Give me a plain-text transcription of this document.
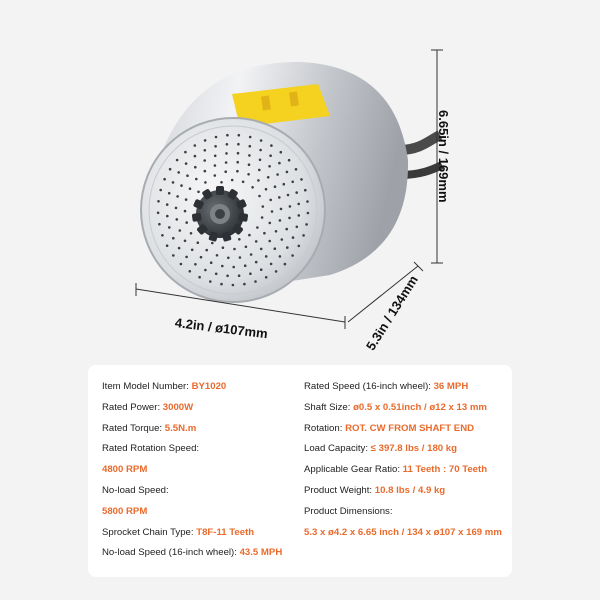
4.2in / ø107mm	5.3in / 134mm
6.65in / 169mm
Item Model Number: BY1020
Rated Power: 3000W
Rated Torque: 5.5N.m
Rated Rotation Speed:
4800 RPM
No-load Speed:
5800 RPM
Sprocket Chain Type: T8F-11 Teeth
No-load Speed (16-inch wheel): 43.5 MPH
Rated Speed (16-inch wheel): 36 MPH
Shaft Size: ø0.5 x 0.51inch / ø12 x 13 mm
Rotation: ROT. CW FROM SHAFT END
Load Capacity: ≤ 397.8 lbs / 180 kg
Applicable Gear Ratio: 11 Teeth : 70 Teeth
Product Weight: 10.8 lbs / 4.9 kg
Product Dimensions:
5.3 x ø4.2 x 6.65 inch / 134 x ø107 x 169 mm
